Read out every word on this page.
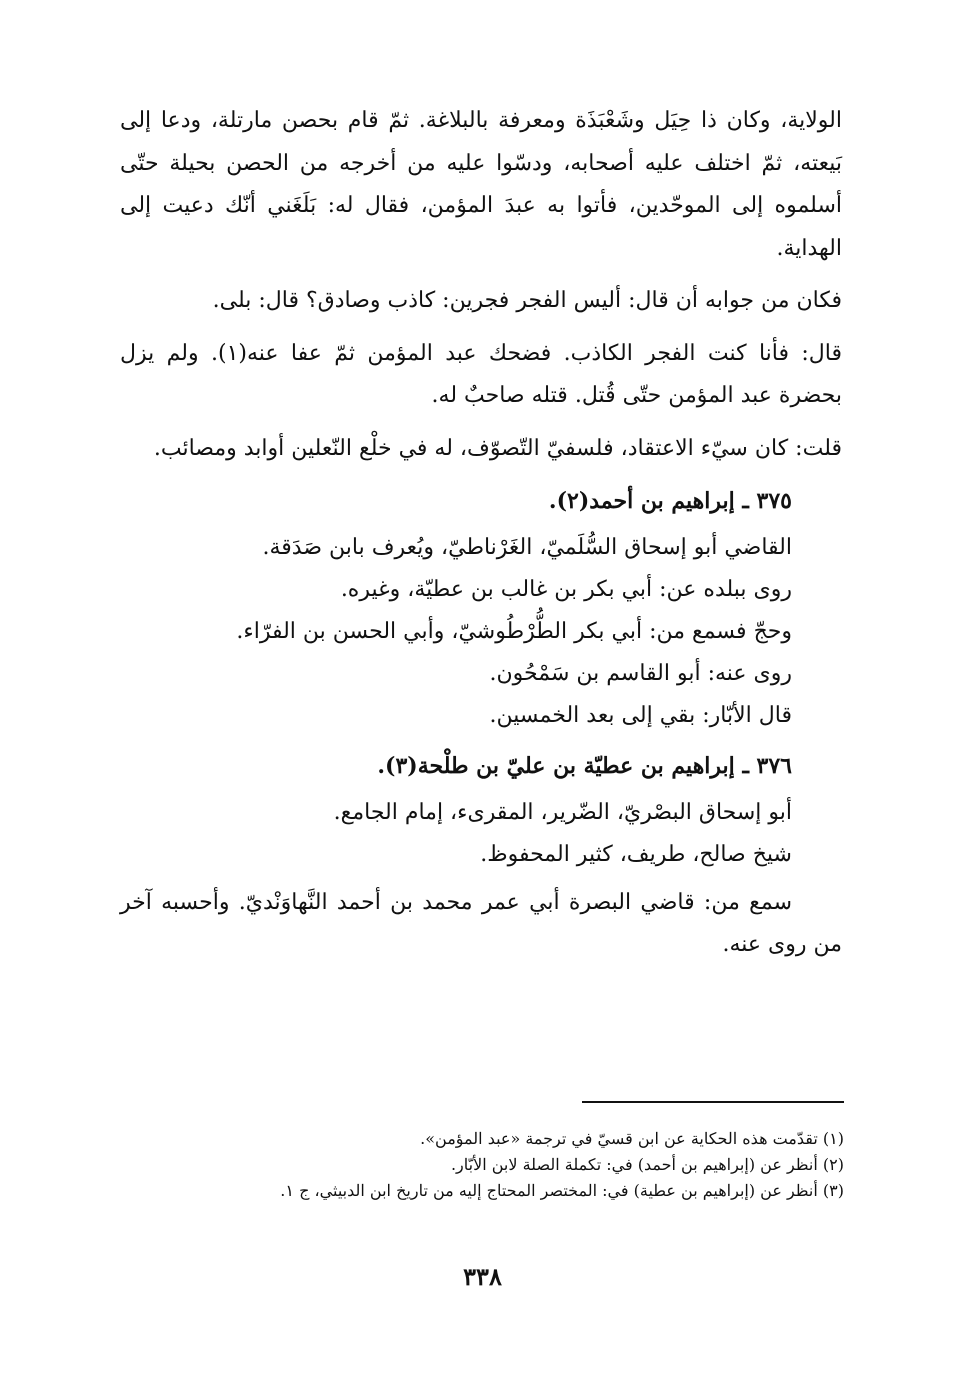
الولاية، وكان ذا حِيَل وشَعْبَذَة ومعرفة بالبلاغة. ثمّ قام بحصن مارتلة، ودعا إلى بَيعته، ثمّ اختلف عليه أصحابه، ودسّوا عليه من أخرجه من الحصن بحيلة حتّى أسلموه إلى الموحّدين، فأتوا به عبدَ المؤمن، فقال له: بَلَغَني أنّك دعيت إلى الهداية.

فكان من جوابه أن قال: أليس الفجر فجرين: كاذب وصادق؟ قال: بلى.

قال: فأنا كنت الفجر الكاذب. فضحك عبد المؤمن ثمّ عفا عنه(١). ولم يزل بحضرة عبد المؤمن حتّى قُتل. قتله صاحبٌ له.

قلت: كان سيّء الاعتقاد، فلسفيّ التّصوّف، له في خلْع النّعلين أوابد ومصائب.

٣٧٥ ـ إبراهيم بن أحمد(٢).

القاضي أبو إسحاق السُّلَميّ، الغَرْناطيّ، ويُعرف بابن صَدَقة.

روى ببلده عن: أبي بكر بن غالب بن عطيّة، وغيره.

وحجّ فسمع من: أبي بكر الطُّرْطُوشيّ، وأبي الحسن بن الفرّاء.

روى عنه: أبو القاسم بن سَمْحُون.

قال الأبّار: بقي إلى بعد الخمسين.

٣٧٦ ـ إبراهيم بن عطيّة بن عليّ بن طلْحة(٣).

أبو إسحاق البصْريّ، الضّرير، المقرىء، إمام الجامع.

شيخ صالح، طريف، كثير المحفوظ.

سمع من: قاضي البصرة أبي عمر محمد بن أحمد النَّهاوَنْديّ. وأحسبه آخر من روى عنه.

(١) تقدّمت هذه الحكاية عن ابن قسيّ في ترجمة «عبد المؤمن».

(٢) أنظر عن (إبراهيم بن أحمد) في: تكملة الصلة لابن الأبّار.

(٣) أنظر عن (إبراهيم بن عطية) في: المختصر المحتاج إليه من تاريخ ابن الدبيثي، ج ١.

٣٣٨
